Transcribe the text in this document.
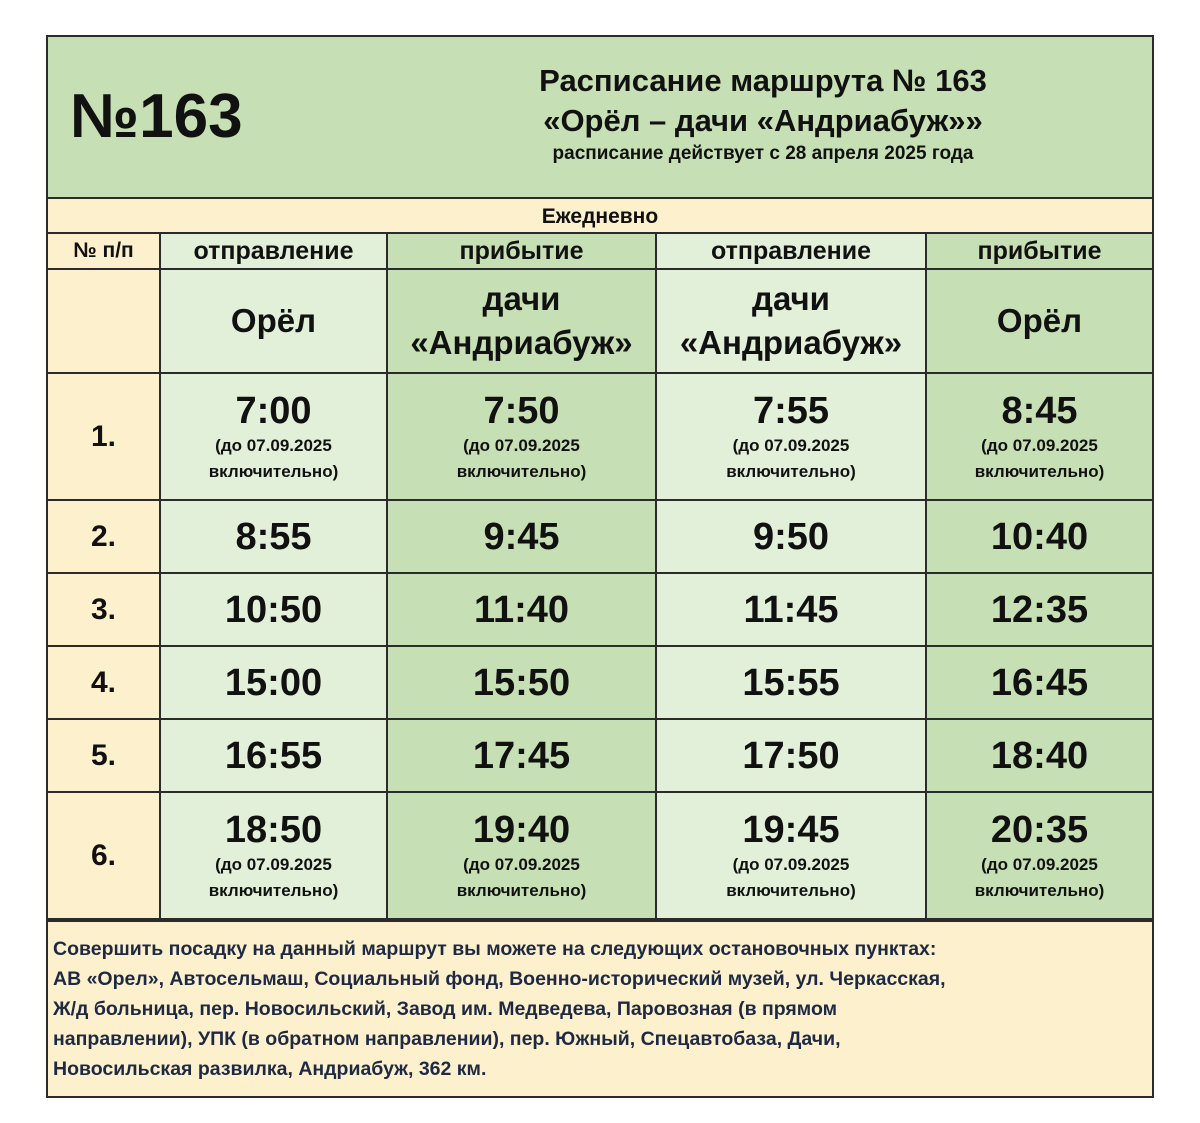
№163
Расписание маршрута № 163
«Орёл – дачи «Андриабуж»»
расписание действует с 28 апреля 2025 года
Ежедневно
№ п/п	отправление	прибытие	отправление	прибытие
	Орёл	дачи
«Андриабуж»	дачи
«Андриабуж»	Орёл
1.	7:00
(до 07.09.2025
включительно)	7:50
(до 07.09.2025
включительно)	7:55
(до 07.09.2025
включительно)	8:45
(до 07.09.2025
включительно)

2.	8:55	9:45	9:50	10:40

3.	10:50	11:40	11:45	12:35

4.	15:00	15:50	15:55	16:45

5.	16:55	17:45	17:50	18:40

6.	18:50
(до 07.09.2025
включительно)	19:40
(до 07.09.2025
включительно)	19:45
(до 07.09.2025
включительно)	20:35
(до 07.09.2025
включительно)
Совершить посадку на данный маршрут вы можете на следующих остановочных пунктах:
АВ «Орел», Автосельмаш, Социальный фонд, Военно-исторический музей, ул. Черкасская,
Ж/д больница, пер. Новосильский, Завод им. Медведева, Паровозная (в прямом
направлении), УПК (в обратном направлении), пер. Южный, Спецавтобаза, Дачи,
Новосильская развилка, Андриабуж, 362 км.
